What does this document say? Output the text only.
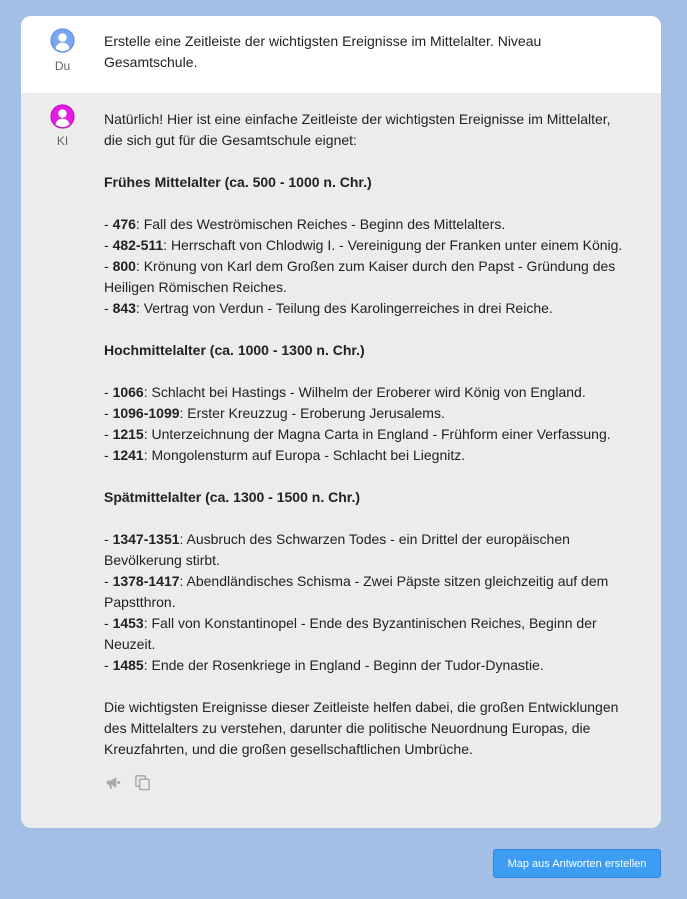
Du
Erstelle eine Zeitleiste der wichtigsten Ereignisse im Mittelalter. Niveau Gesamtschule.
KI

Natürlich! Hier ist eine einfache Zeitleiste der wichtigsten Ereignisse im Mittelalter, die sich gut für die Gesamtschule eignet:

Frühes Mittelalter (ca. 500 - 1000 n. Chr.)

- 476: Fall des Weströmischen Reiches - Beginn des Mittelalters.

- 482-511: Herrschaft von Chlodwig I. - Vereinigung der Franken unter einem König.

- 800: Krönung von Karl dem Großen zum Kaiser durch den Papst - Gründung des Heiligen Römischen Reiches.

- 843: Vertrag von Verdun - Teilung des Karolingerreiches in drei Reiche.

Hochmittelalter (ca. 1000 - 1300 n. Chr.)

- 1066: Schlacht bei Hastings - Wilhelm der Eroberer wird König von England.

- 1096-1099: Erster Kreuzzug - Eroberung Jerusalems.

- 1215: Unterzeichnung der Magna Carta in England - Frühform einer Verfassung.

- 1241: Mongolensturm auf Europa - Schlacht bei Liegnitz.

Spätmittelalter (ca. 1300 - 1500 n. Chr.)

- 1347-1351: Ausbruch des Schwarzen Todes - ein Drittel der europäischen Bevölkerung stirbt.

- 1378-1417: Abendländisches Schisma - Zwei Päpste sitzen gleichzeitig auf dem Papstthron.

- 1453: Fall von Konstantinopel - Ende des Byzantinischen Reiches, Beginn der Neuzeit.

- 1485: Ende der Rosenkriege in England - Beginn der Tudor-Dynastie.

Die wichtigsten Ereignisse dieser Zeitleiste helfen dabei, die großen Entwicklungen des Mittelalters zu verstehen, darunter die politische Neuordnung Europas, die Kreuzfahrten, und die großen gesellschaftlichen Umbrüche.

Map aus Antworten erstellen
